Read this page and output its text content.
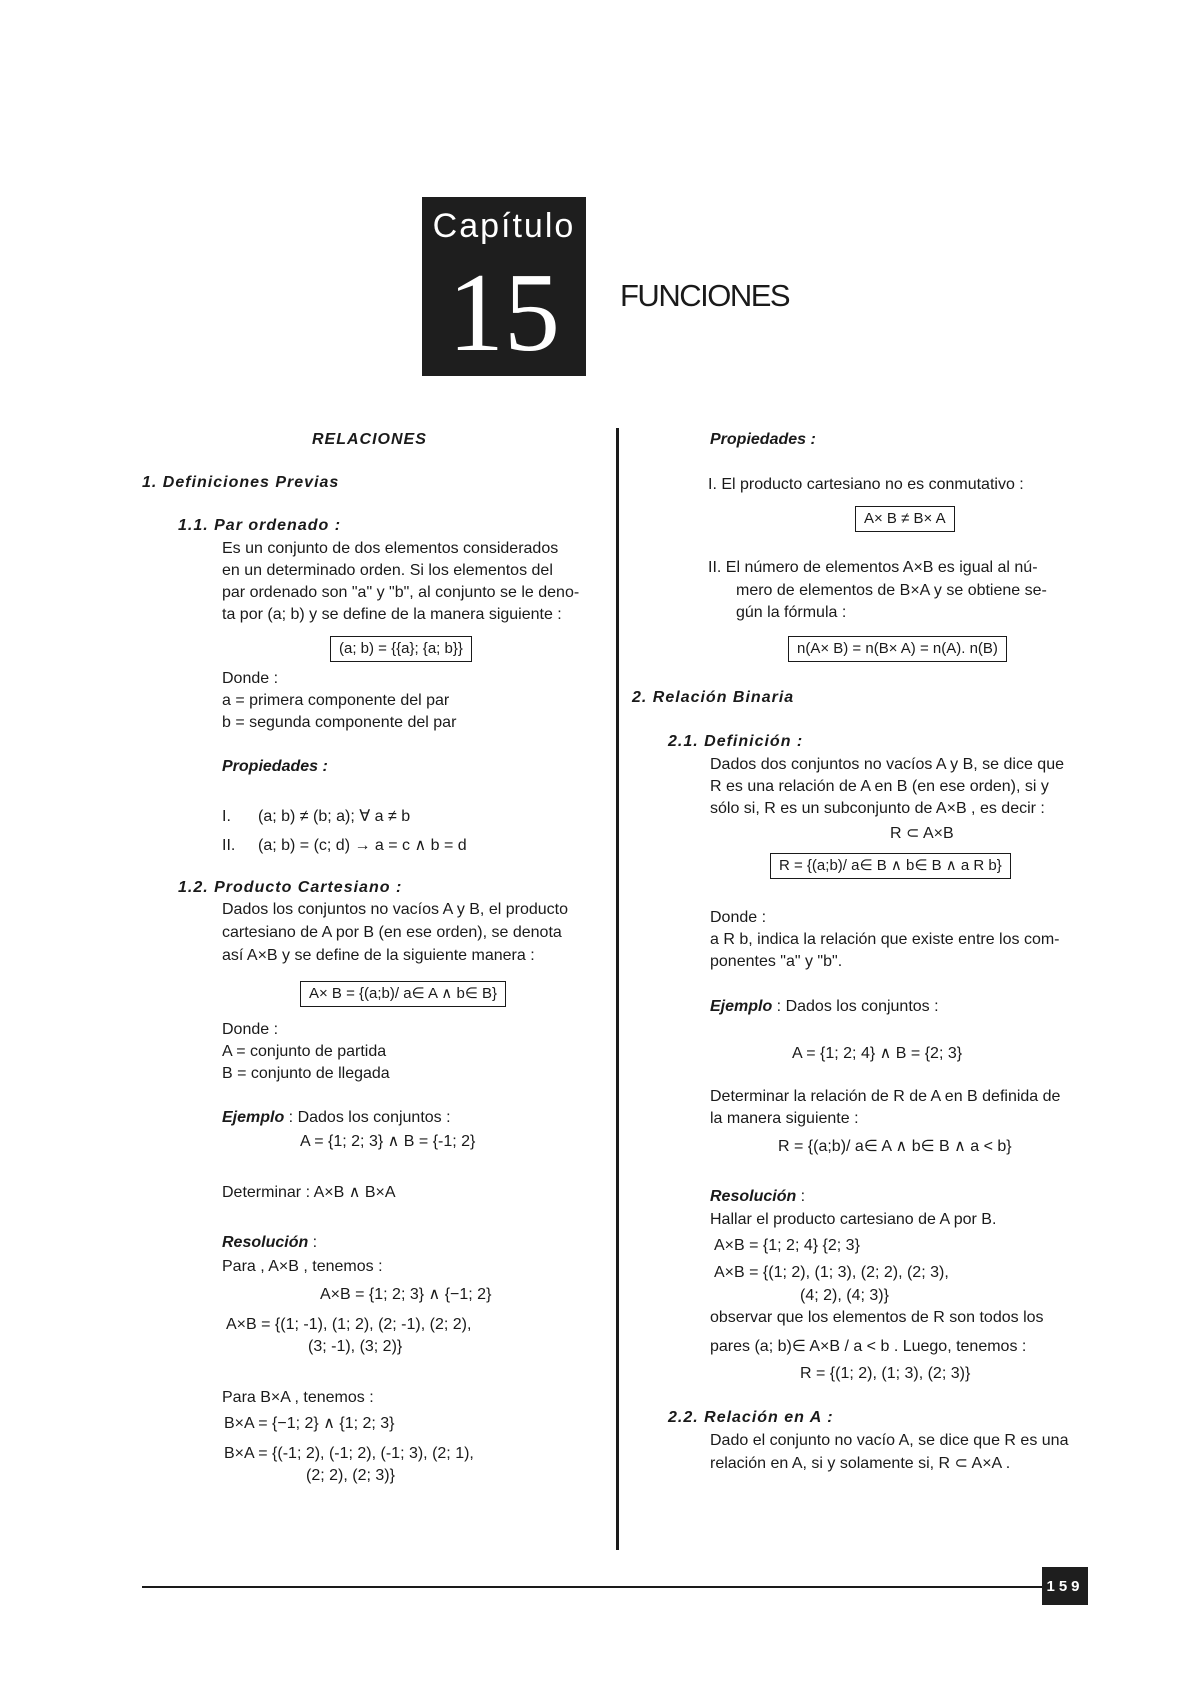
Capítulo
15	FUNCIONES
RELACIONES
1. Definiciones Previas
1.1. Par ordenado :
Es un conjunto de dos elementos considerados
en un determinado orden. Si los elementos del
par ordenado son "a" y "b", al conjunto se le deno-
ta por (a; b) y se define de la manera siguiente :
(a; b) = {{a}; {a; b}}
Donde :
a = primera componente del par
b = segunda componente del par
Propiedades :
I. (a; b) ≠ (b; a); ∀ a ≠ b
II. (a; b) = (c; d) → a = c ∧ b = d
1.2. Producto Cartesiano :
Dados los conjuntos no vacíos A y B, el producto
cartesiano de A por B (en ese orden), se denota
así A×B y se define de la siguiente manera :
A× B = {(a;b)/ a∈ A ∧ b∈ B}
Donde :
A = conjunto de partida
B = conjunto de llegada
Ejemplo : Dados los conjuntos :
A = {1; 2; 3} ∧ B = {-1; 2}
Determinar : A×B ∧ B×A
Resolución :
Para , A×B , tenemos :
A×B = {1; 2; 3} ∧ {−1; 2}
A×B = {(1; -1), (1; 2), (2; -1), (2; 2),
(3; -1), (3; 2)}
Para B×A , tenemos :
B×A = {−1; 2} ∧ {1; 2; 3}
B×A = {(-1; 2), (-1; 2), (-1; 3), (2; 1),
(2; 2), (2; 3)}
Propiedades :
I. El producto cartesiano no es conmutativo :
A× B ≠ B× A
II. El número de elementos A×B es igual al nú-
mero de elementos de B×A y se obtiene se-
gún la fórmula :
n(A× B) = n(B× A) = n(A). n(B)
2. Relación Binaria
2.1. Definición :
Dados dos conjuntos no vacíos A y B, se dice que
R es una relación de A en B (en ese orden), si y
sólo si, R es un subconjunto de A×B , es decir :
R ⊂ A×B
R = {(a;b)/ a∈ B ∧ b∈ B ∧ a R b}
Donde :
a R b, indica la relación que existe entre los com-
ponentes "a" y "b".
Ejemplo : Dados los conjuntos :
A = {1; 2; 4} ∧ B = {2; 3}
Determinar la relación de R de A en B definida de
la manera siguiente :
R = {(a;b)/ a∈ A ∧ b∈ B ∧ a < b}
Resolución :
Hallar el producto cartesiano de A por B.
A×B = {1; 2; 4} {2; 3}
A×B = {(1; 2), (1; 3), (2; 2), (2; 3),
(4; 2), (4; 3)}
observar que los elementos de R son todos los
pares (a; b)∈ A×B / a < b . Luego, tenemos :
R = {(1; 2), (1; 3), (2; 3)}
2.2. Relación en A :
Dado el conjunto no vacío A, se dice que R es una
relación en A, si y solamente si, R ⊂ A×A .
159
